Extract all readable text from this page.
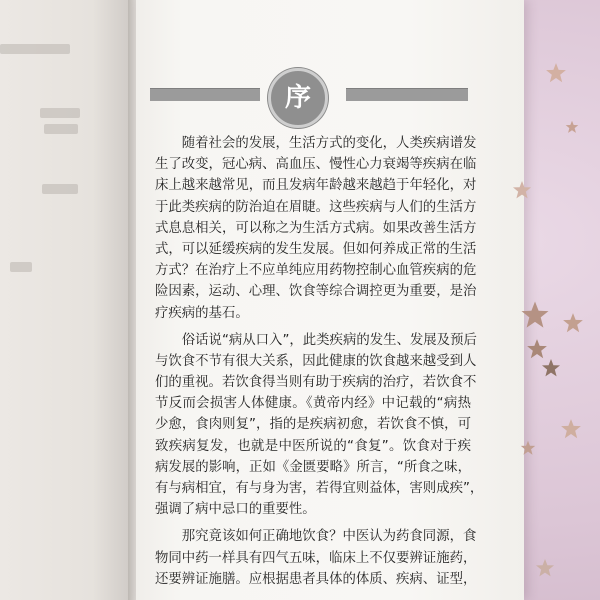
序
　　随着社会的发展，生活方式的变化，人类疾病谱发
生了改变，冠心病、高血压、慢性心力衰竭等疾病在临
床上越来越常见，而且发病年龄越来越趋于年轻化，对
于此类疾病的防治迫在眉睫。这些疾病与人们的生活方
式息息相关，可以称之为生活方式病。如果改善生活方
式，可以延缓疾病的发生发展。但如何养成正常的生活
方式？在治疗上不应单纯应用药物控制心血管疾病的危
险因素，运动、心理、饮食等综合调控更为重要，是治
疗疾病的基石。
　　俗话说“病从口入”，此类疾病的发生、发展及预后
与饮食不节有很大关系，因此健康的饮食越来越受到人
们的重视。若饮食得当则有助于疾病的治疗，若饮食不
节反而会损害人体健康。《黄帝内经》中记载的“病热
少愈，食肉则复”，指的是疾病初愈，若饮食不慎，可
致疾病复发，也就是中医所说的“食复”。饮食对于疾
病发展的影响，正如《金匮要略》所言，“所食之味，
有与病相宜，有与身为害，若得宜则益体，害则成疾”，
强调了病中忌口的重要性。
　　那究竟该如何正确地饮食？中医认为药食同源，食
物同中药一样具有四气五味，临床上不仅要辨证施药，
还要辨证施膳。应根据患者具体的体质、疾病、证型，
